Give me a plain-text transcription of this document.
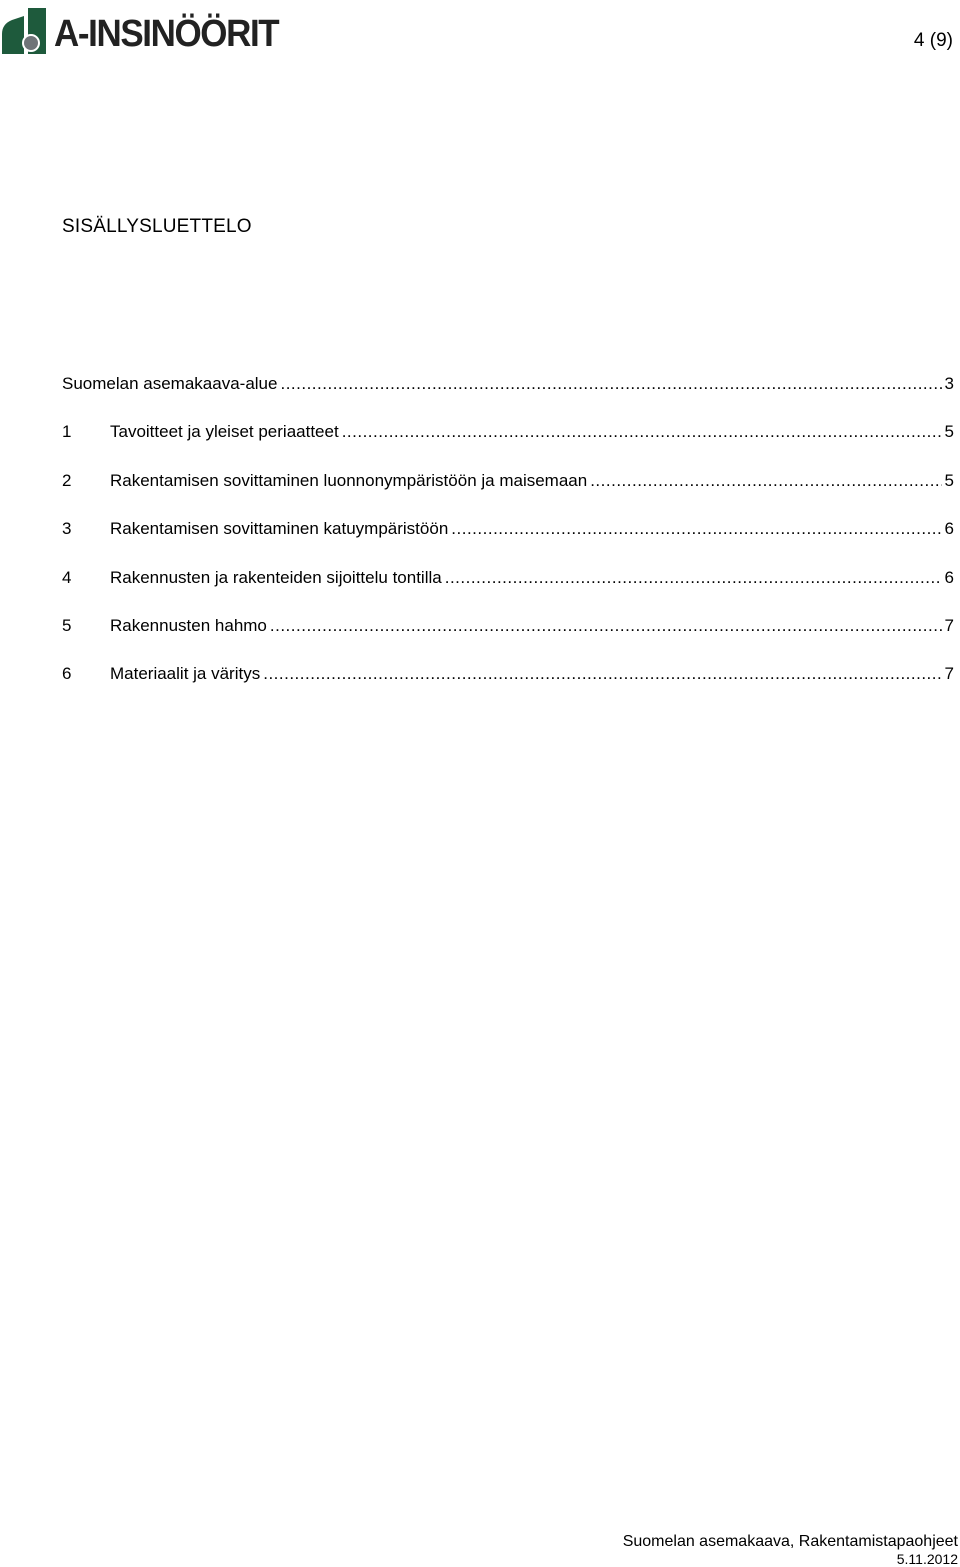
A-INSINÖÖRIT	4 (9)
SISÄLLYSLUETTELO
Suomelan asemakaava-alue .....	3
1	Tavoitteet ja yleiset periaatteet .....	5
2	Rakentamisen sovittaminen luonnonympäristöön ja maisemaan .....	5
3	Rakentamisen sovittaminen katuympäristöön .....	6
4	Rakennusten ja rakenteiden sijoittelu tontilla .....	6
5	Rakennusten hahmo .....	7
6	Materiaalit ja väritys .....	7
Suomelan asemakaava, Rakentamistapaohjeet
5.11.2012
